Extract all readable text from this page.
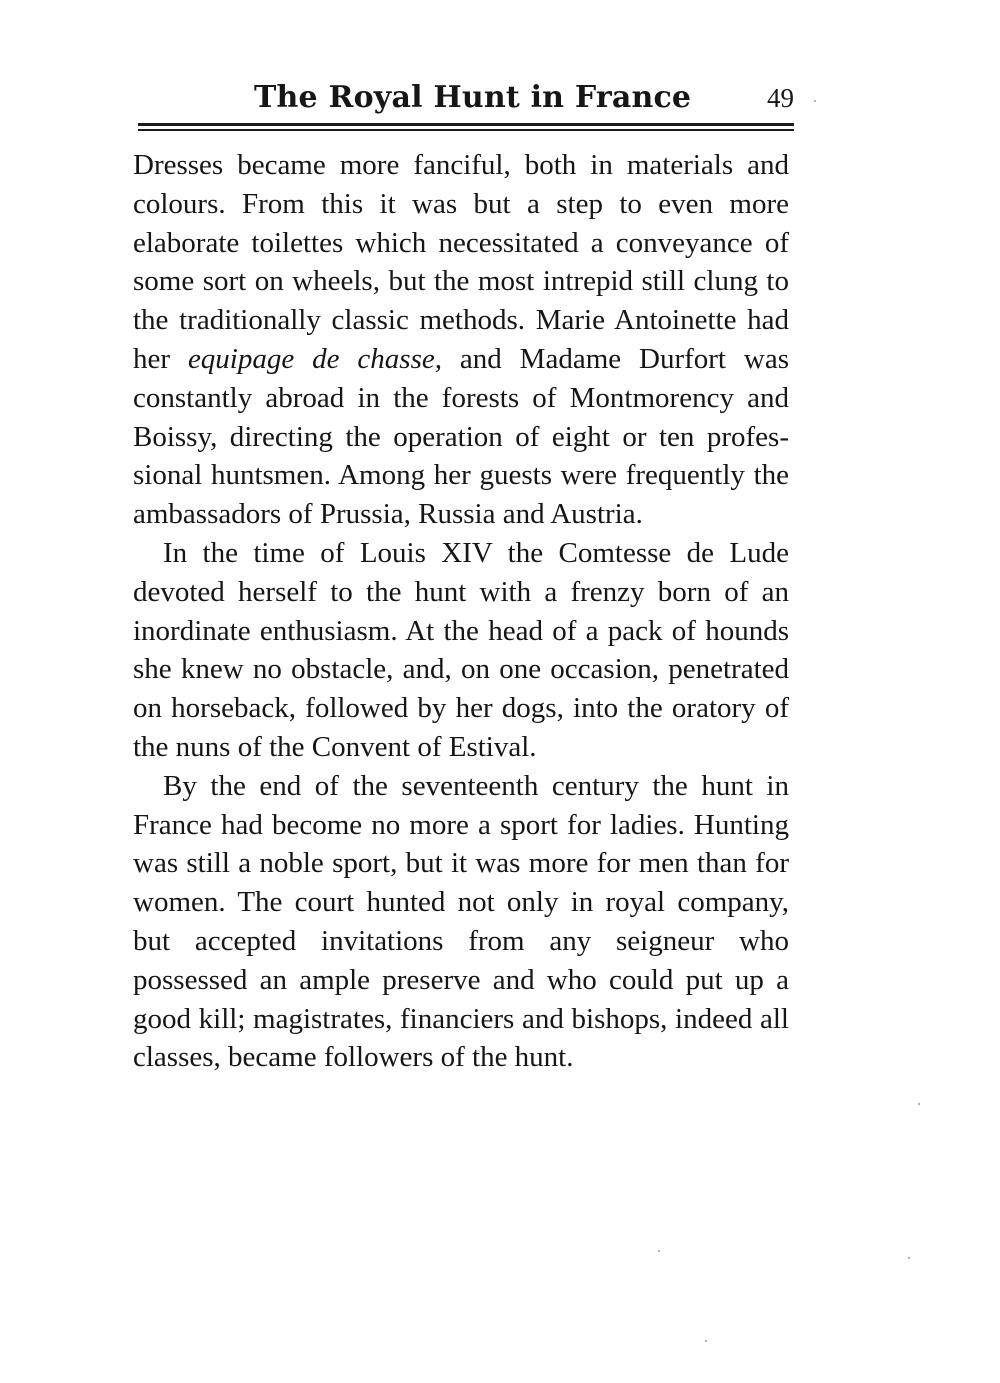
The Royal Hunt in France	49

Dresses became more fanciful, both in materials and colours. From this it was but a step to even more elaborate toilettes which necessitated a conveyance of some sort on wheels, but the most intrepid still clung to the traditionally classic methods. Marie Antoinette had her equipage de chasse, and Madame Durfort was constantly abroad in the forests of Montmorency and Boissy, directing the operation of eight or ten professional huntsmen. Among her guests were frequently the ambassadors of Prussia, Russia and Austria.

In the time of Louis XIV the Comtesse de Lude devoted herself to the hunt with a frenzy born of an inordinate enthusiasm. At the head of a pack of hounds she knew no obstacle, and, on one occasion, penetrated on horseback, followed by her dogs, into the oratory of the nuns of the Convent of Estival.

By the end of the seventeenth century the hunt in France had become no more a sport for ladies. Hunting was still a noble sport, but it was more for men than for women. The court hunted not only in royal company, but accepted invitations from any seigneur who possessed an ample preserve and who could put up a good kill; magistrates, financiers and bishops, indeed all classes, became followers of the hunt.
